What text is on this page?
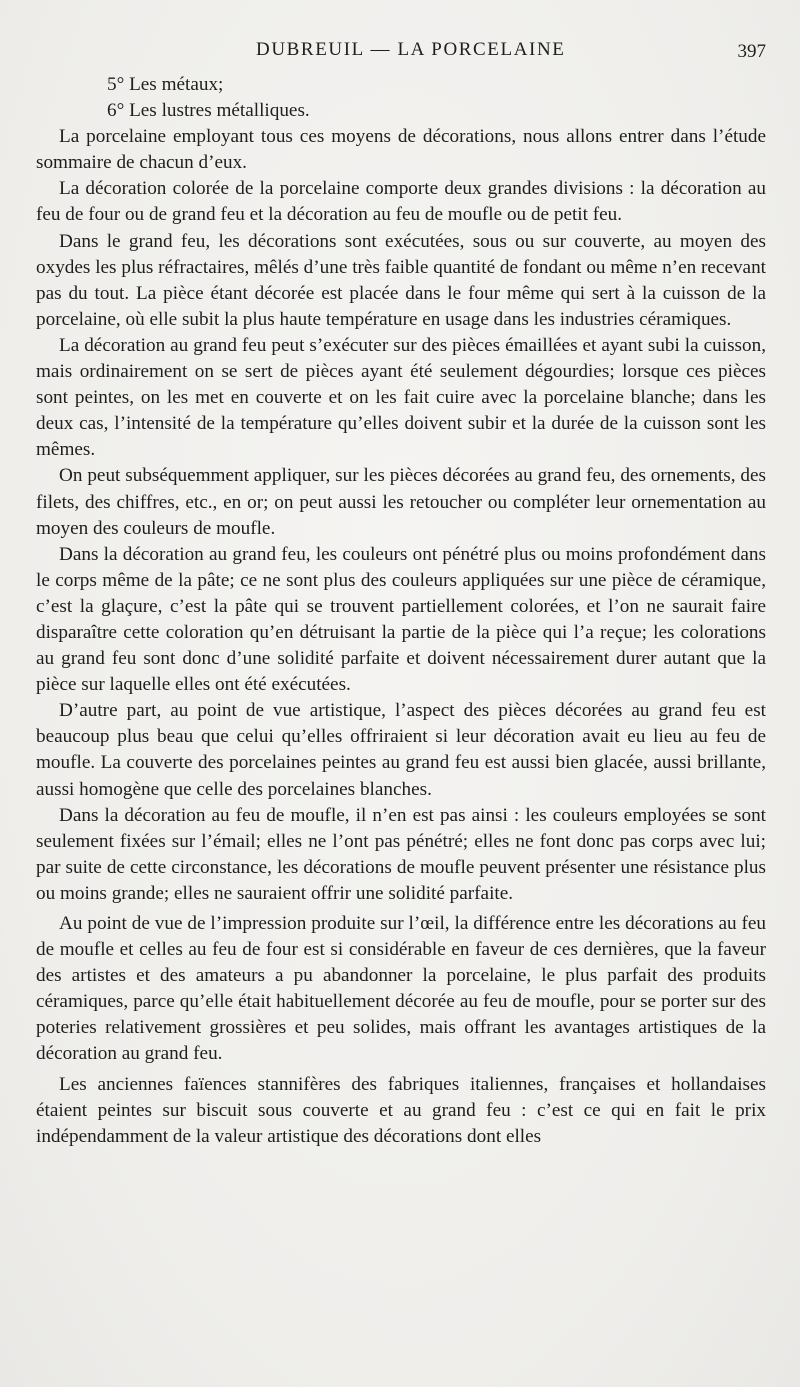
DUBREUIL — LA PORCELAINE	397

5° Les métaux;

6° Les lustres métalliques.

La porcelaine employant tous ces moyens de décorations, nous allons entrer dans l’étude sommaire de chacun d’eux.

La décoration colorée de la porcelaine comporte deux grandes divisions : la décoration au feu de four ou de grand feu et la décoration au feu de moufle ou de petit feu.

Dans le grand feu, les décorations sont exécutées, sous ou sur couverte, au moyen des oxydes les plus réfractaires, mêlés d’une très faible quantité de fondant ou même n’en recevant pas du tout. La pièce étant décorée est placée dans le four même qui sert à la cuisson de la porcelaine, où elle subit la plus haute température en usage dans les industries céramiques.

La décoration au grand feu peut s’exécuter sur des pièces émaillées et ayant subi la cuisson, mais ordinairement on se sert de pièces ayant été seulement dégourdies; lorsque ces pièces sont peintes, on les met en couverte et on les fait cuire avec la porcelaine blanche; dans les deux cas, l’intensité de la température qu’elles doivent subir et la durée de la cuisson sont les mêmes.

On peut subséquemment appliquer, sur les pièces décorées au grand feu, des ornements, des filets, des chiffres, etc., en or; on peut aussi les retoucher ou compléter leur ornementation au moyen des couleurs de moufle.

Dans la décoration au grand feu, les couleurs ont pénétré plus ou moins profondément dans le corps même de la pâte; ce ne sont plus des couleurs appliquées sur une pièce de céramique, c’est la glaçure, c’est la pâte qui se trouvent partiellement colorées, et l’on ne saurait faire disparaître cette coloration qu’en détruisant la partie de la pièce qui l’a reçue; les colorations au grand feu sont donc d’une solidité parfaite et doivent nécessairement durer autant que la pièce sur laquelle elles ont été exécutées.

D’autre part, au point de vue artistique, l’aspect des pièces décorées au grand feu est beaucoup plus beau que celui qu’elles offriraient si leur décoration avait eu lieu au feu de moufle. La couverte des porcelaines peintes au grand feu est aussi bien glacée, aussi brillante, aussi homogène que celle des porcelaines blanches.

Dans la décoration au feu de moufle, il n’en est pas ainsi : les couleurs employées se sont seulement fixées sur l’émail; elles ne l’ont pas pénétré; elles ne font donc pas corps avec lui; par suite de cette circonstance, les décorations de moufle peuvent présenter une résistance plus ou moins grande; elles ne sauraient offrir une solidité parfaite.

Au point de vue de l’impression produite sur l’œil, la différence entre les décorations au feu de moufle et celles au feu de four est si considérable en faveur de ces dernières, que la faveur des artistes et des amateurs a pu abandonner la porcelaine, le plus parfait des produits céramiques, parce qu’elle était habituellement décorée au feu de moufle, pour se porter sur des poteries relativement grossières et peu solides, mais offrant les avantages artistiques de la décoration au grand feu.

Les anciennes faïences stannifères des fabriques italiennes, françaises et hollandaises étaient peintes sur biscuit sous couverte et au grand feu : c’est ce qui en fait le prix indépendamment de la valeur artistique des décorations dont elles
